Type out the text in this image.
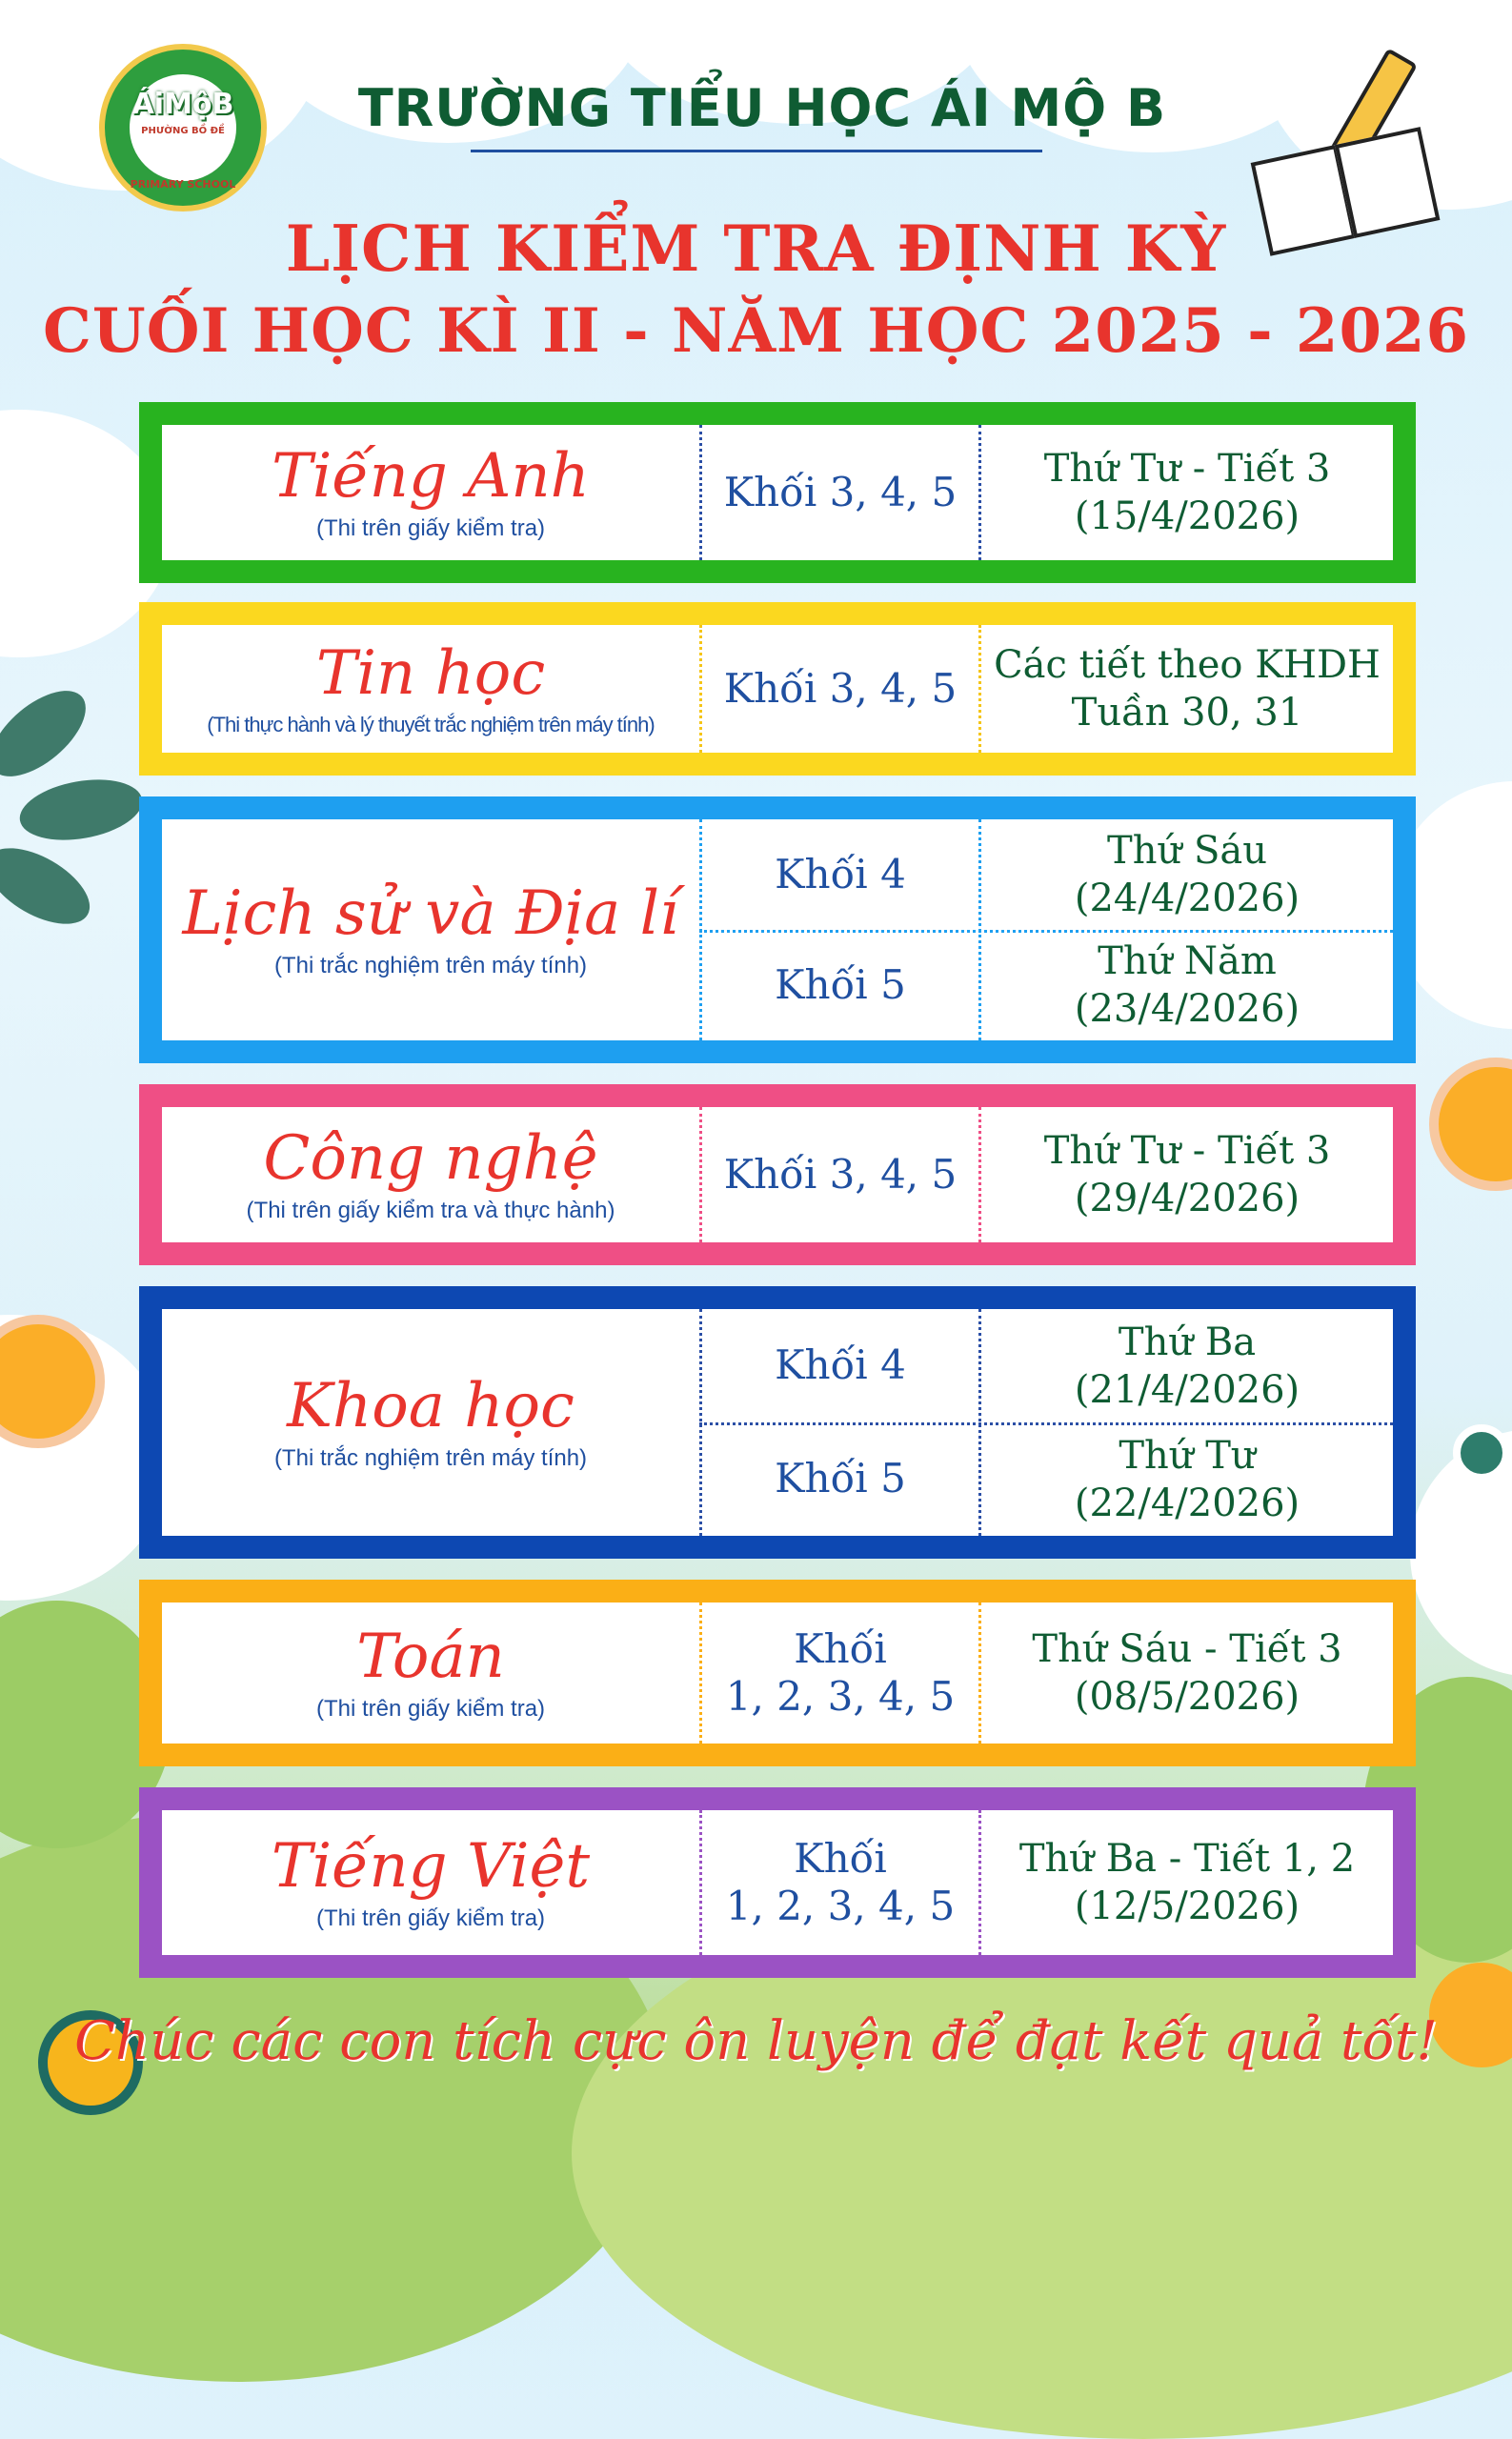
ÁiMộB
PHƯỜNG BỒ ĐỀ
PRIMARY SCHOOL
TRƯỜNG TIỂU HỌC ÁI MỘ B
LỊCH KIỂM TRA ĐỊNH KỲ
CUỐI HỌC KÌ II - NĂM HỌC 2025 - 2026
Tiếng Anh
(Thi trên giấy kiểm tra)
Khối 3, 4, 5 Thứ Tư - Tiết 3
(15/4/2026)
Tin học
(Thi thực hành và lý thuyết trắc nghiệm trên máy tính)
Khối 3, 4, 5 Các tiết theo KHDH
Tuần 30, 31
Lịch sử và Địa lí
(Thi trắc nghiệm trên máy tính)
Khối 4
Khối 5
Thứ Sáu
(24/4/2026)
Thứ Năm
(23/4/2026)
Công nghệ
(Thi trên giấy kiểm tra và thực hành)
Khối 3, 4, 5 Thứ Tư - Tiết 3
(29/4/2026)
Khoa học
(Thi trắc nghiệm trên máy tính)
Khối 4
Khối 5
Thứ Ba
(21/4/2026)
Thứ Tư
(22/4/2026)
Toán
(Thi trên giấy kiểm tra)
Khối
1, 2, 3, 4, 5
Thứ Sáu - Tiết 3
(08/5/2026)
Tiếng Việt
(Thi trên giấy kiểm tra)
Khối
1, 2, 3, 4, 5
Thứ Ba - Tiết 1, 2
(12/5/2026)
Chúc các con tích cực ôn luyện để đạt kết quả tốt!
